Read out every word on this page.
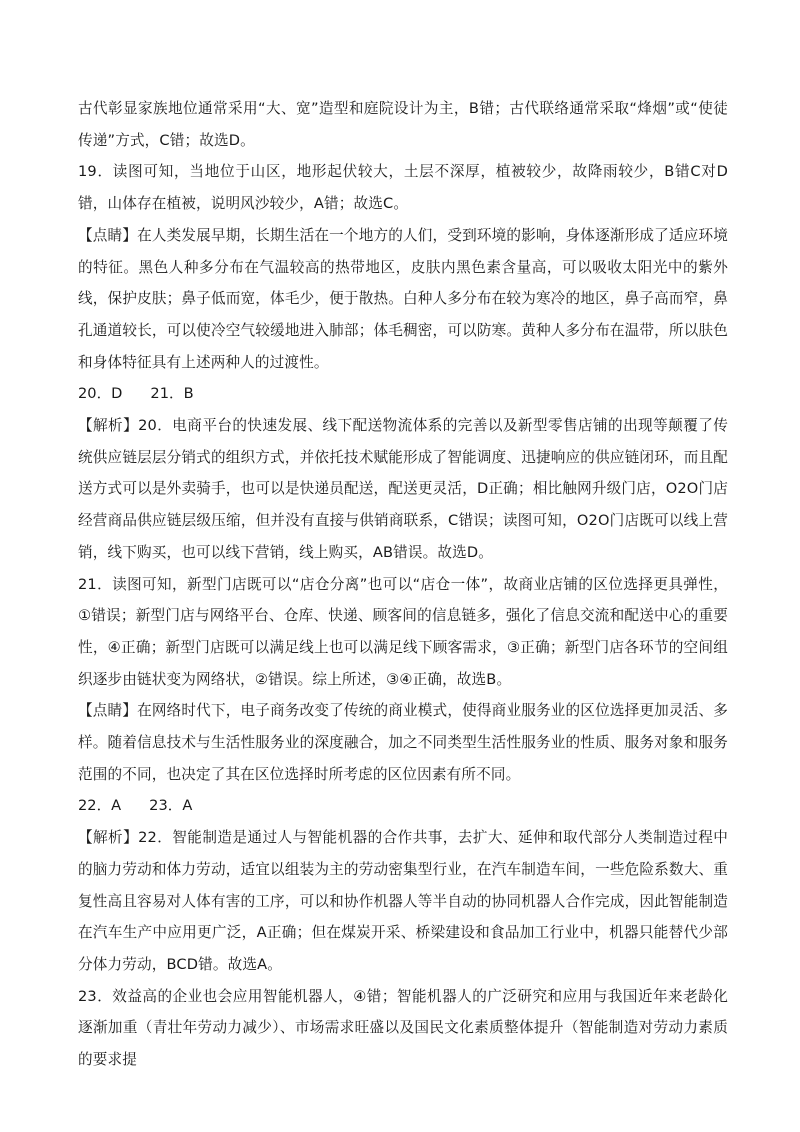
古代彰显家族地位通常采用“大、宽”造型和庭院设计为主，B错；古代联络通常采取“烽烟”或“使徒传递”方式，C错；故选D。

19．读图可知，当地位于山区，地形起伏较大，土层不深厚，植被较少，故降雨较少，B错C对D错，山体存在植被，说明风沙较少，A错；故选C。

【点睛】在人类发展早期，长期生活在一个地方的人们，受到环境的影响，身体逐渐形成了适应环境的特征。黑色人种多分布在气温较高的热带地区，皮肤内黑色素含量高，可以吸收太阳光中的紫外线，保护皮肤；鼻子低而宽，体毛少，便于散热。白种人多分布在较为寒冷的地区，鼻子高而窄，鼻孔通道较长，可以使冷空气较缓地进入肺部；体毛稠密，可以防寒。黄种人多分布在温带，所以肤色和身体特征具有上述两种人的过渡性。

20．D 21．B

【解析】20．电商平台的快速发展、线下配送物流体系的完善以及新型零售店铺的出现等颠覆了传统供应链层层分销式的组织方式，并依托技术赋能形成了智能调度、迅捷响应的供应链闭环，而且配送方式可以是外卖骑手，也可以是快递员配送，配送更灵活，D正确；相比触网升级门店，O2O门店经营商品供应链层级压缩，但并没有直接与供销商联系，C错误；读图可知，O2O门店既可以线上营销，线下购买，也可以线下营销，线上购买，AB错误。故选D。

21．读图可知，新型门店既可以“店仓分离”也可以“店仓一体”，故商业店铺的区位选择更具弹性，①错误；新型门店与网络平台、仓库、快递、顾客间的信息链多，强化了信息交流和配送中心的重要性，④正确；新型门店既可以满足线上也可以满足线下顾客需求，③正确；新型门店各环节的空间组织逐步由链状变为网络状，②错误。综上所述，③④正确，故选B。

【点睛】在网络时代下，电子商务改变了传统的商业模式，使得商业服务业的区位选择更加灵活、多样。随着信息技术与生活性服务业的深度融合，加之不同类型生活性服务业的性质、服务对象和服务范围的不同，也决定了其在区位选择时所考虑的区位因素有所不同。

22．A 23．A

【解析】22．智能制造是通过人与智能机器的合作共事，去扩大、延伸和取代部分人类制造过程中的脑力劳动和体力劳动，适宜以组装为主的劳动密集型行业，在汽车制造车间，一些危险系数大、重复性高且容易对人体有害的工序，可以和协作机器人等半自动的协同机器人合作完成，因此智能制造在汽车生产中应用更广泛，A正确；但在煤炭开采、桥梁建设和食品加工行业中，机器只能替代少部分体力劳动，BCD错。故选A。

23．效益高的企业也会应用智能机器人，④错；智能机器人的广泛研究和应用与我国近年来老龄化逐渐加重（青壮年劳动力减少）、市场需求旺盛以及国民文化素质整体提升（智能制造对劳动力素质的要求提
